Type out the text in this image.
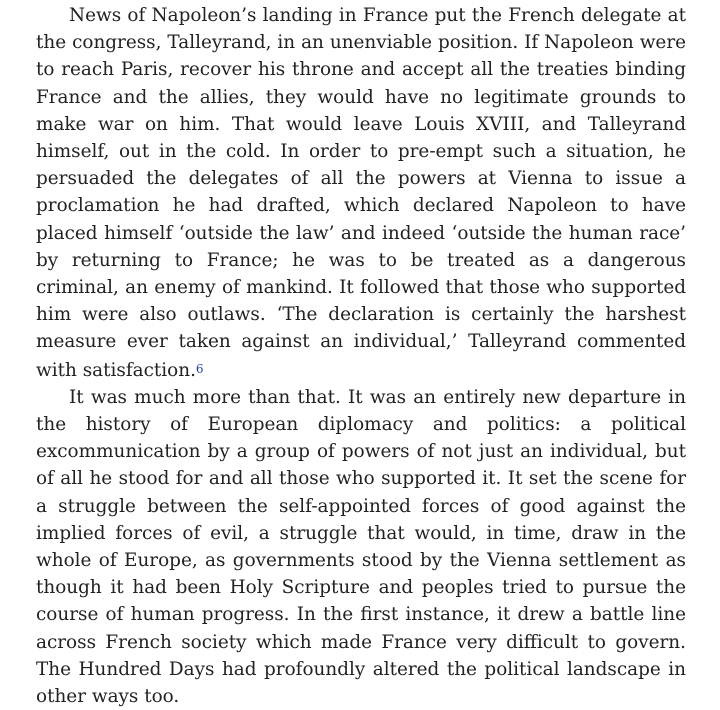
News of Napoleon’s landing in France put the French delegate at the congress, Talleyrand, in an unenviable position. If Napoleon were to reach Paris, recover his throne and accept all the treaties binding France and the allies, they would have no legitimate grounds to make war on him. That would leave Louis XVIII, and Talleyrand himself, out in the cold. In order to pre-empt such a situation, he persuaded the delegates of all the powers at Vienna to issue a proclamation he had drafted, which declared Napoleon to have placed himself ‘outside the law’ and indeed ‘outside the human race’ by returning to France; he was to be treated as a dangerous criminal, an enemy of mankind. It followed that those who supported him were also outlaws. ‘The declaration is certainly the harshest measure ever taken against an individual,’ Talleyrand commented with satisfaction.6

It was much more than that. It was an entirely new departure in the history of European diplomacy and politics: a political excommunication by a group of powers of not just an individual, but of all he stood for and all those who supported it. It set the scene for a struggle between the self-appointed forces of good against the implied forces of evil, a struggle that would, in time, draw in the whole of Europe, as governments stood by the Vienna settlement as though it had been Holy Scripture and peoples tried to pursue the course of human progress. In the first instance, it drew a battle line across French society which made France very difficult to govern. The Hundred Days had profoundly altered the political landscape in other ways too.
